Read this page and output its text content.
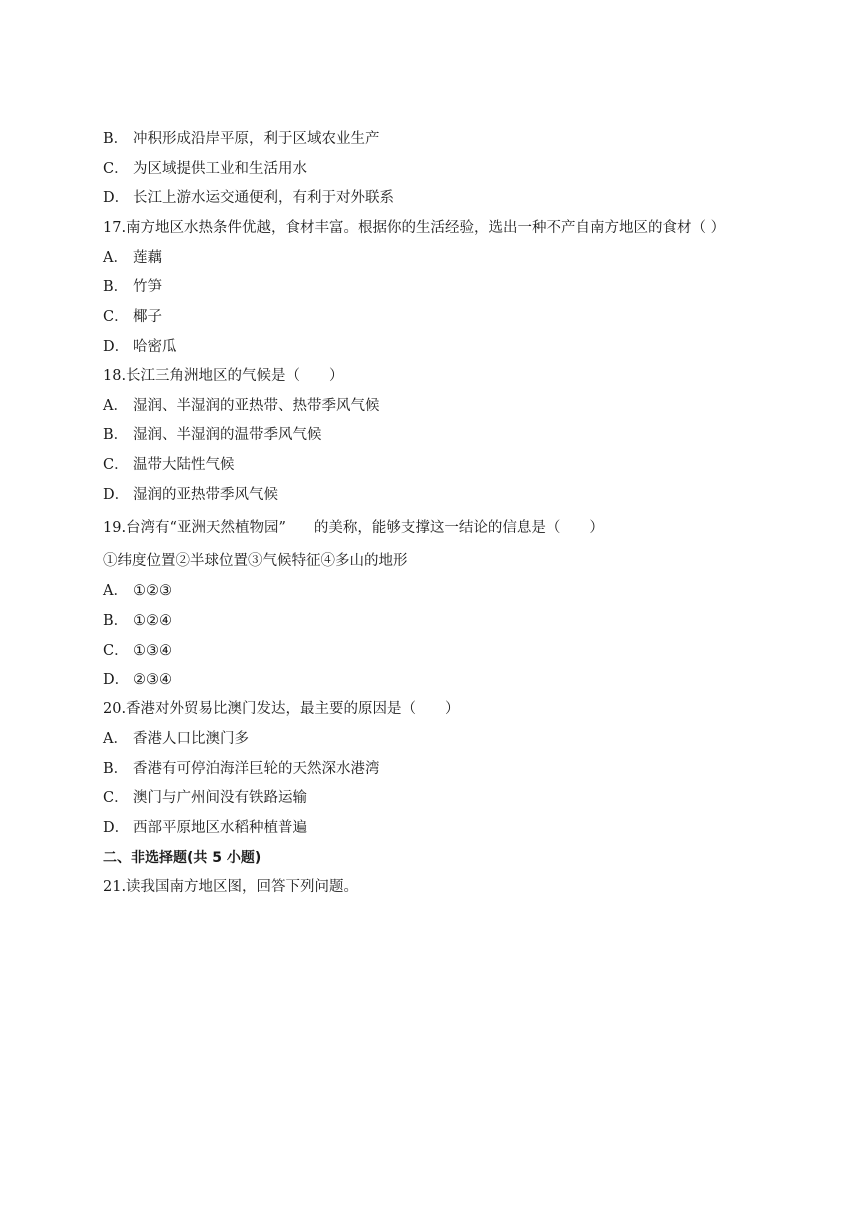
B． 冲积形成沿岸平原，利于区域农业生产
C． 为区域提供工业和生活用水
D． 长江上游水运交通便利，有利于对外联系
17.南方地区水热条件优越，食材丰富。根据你的生活经验，选出一种不产自南方地区的食材（ ）
A． 莲藕
B． 竹笋
C． 椰子
D． 哈密瓜
18.长江三角洲地区的气候是（　　）
A． 湿润、半湿润的亚热带、热带季风气候
B． 湿润、半湿润的温带季风气候
C． 温带大陆性气候
D． 湿润的亚热带季风气候
19.台湾有“亚洲天然植物园” 的美称，能够支撑这一结论的信息是（　　）
①纬度位置②半球位置③气候特征④多山的地形
A． ①②③
B． ①②④
C． ①③④
D． ②③④
20.香港对外贸易比澳门发达，最主要的原因是（　　）
A． 香港人口比澳门多
B． 香港有可停泊海洋巨轮的天然深水港湾
C． 澳门与广州间没有铁路运输
D． 西部平原地区水稻种植普遍
二、非选择题(共 5 小题)
21.读我国南方地区图，回答下列问题。
